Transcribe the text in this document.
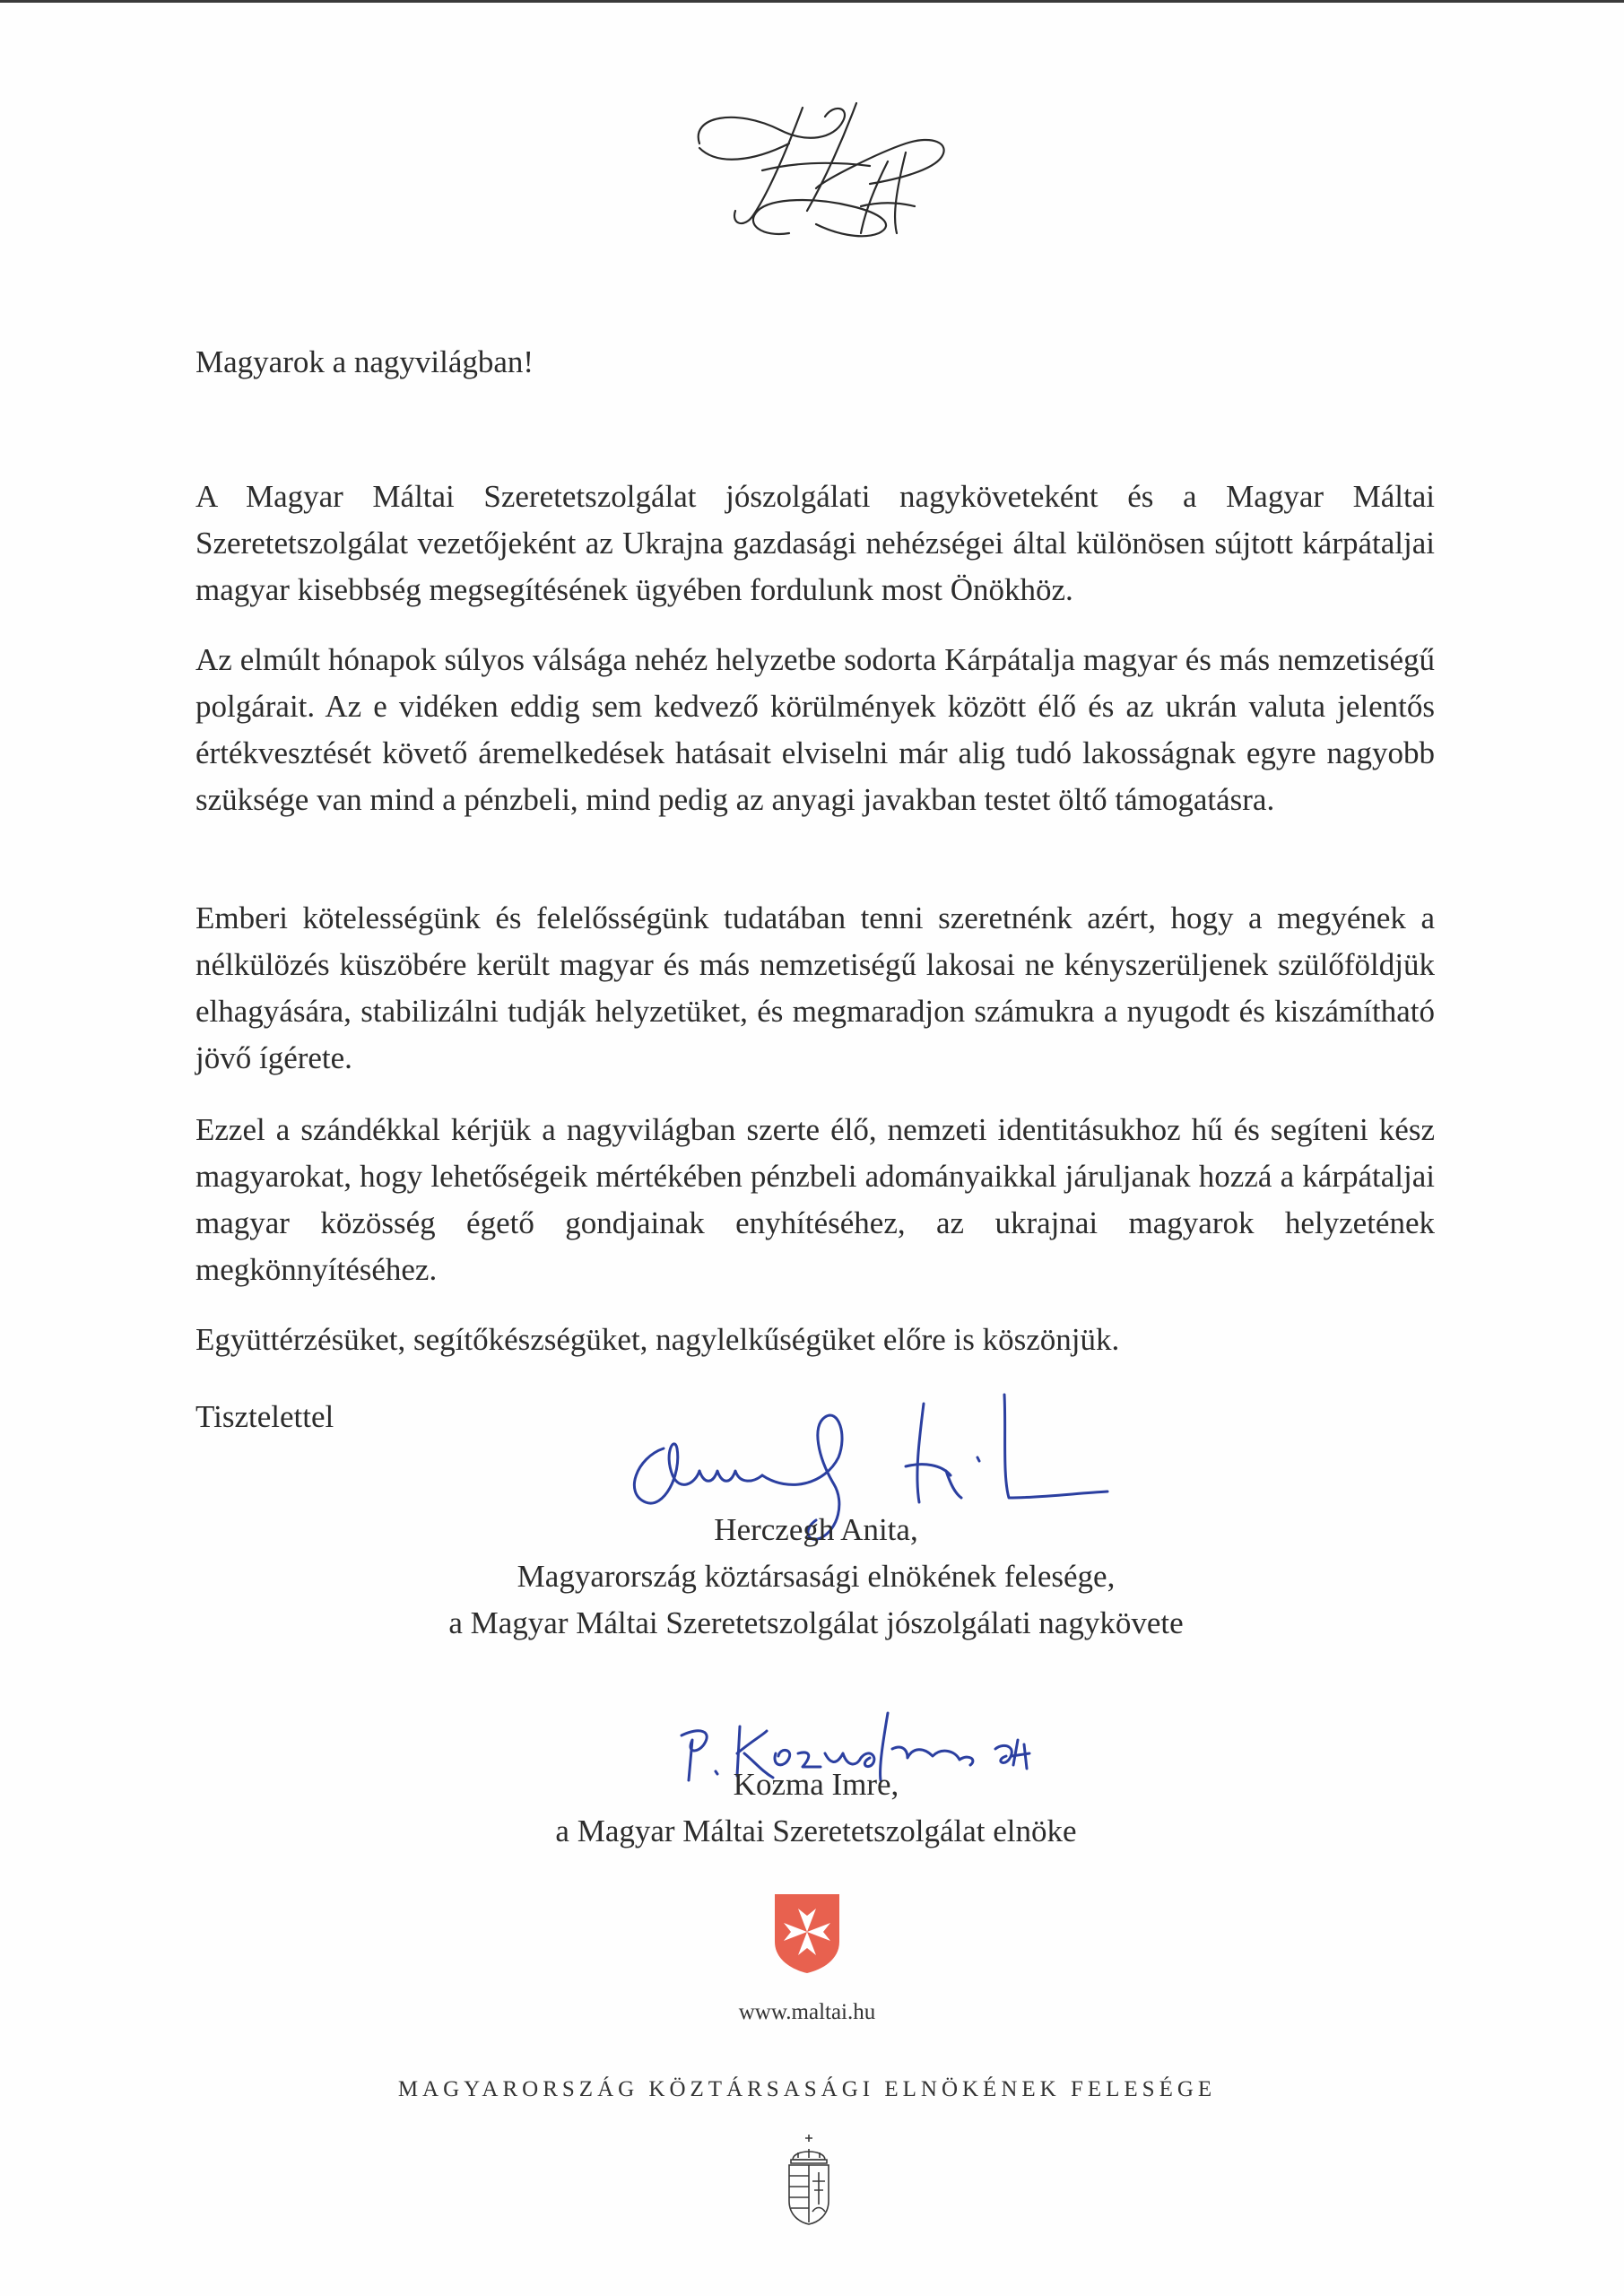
Magyarok a nagyvilágban!

A Magyar Máltai Szeretetszolgálat jószolgálati nagyköveteként és a Magyar Máltai Szeretetszolgálat vezetőjeként az Ukrajna gazdasági nehézségei által különösen sújtott kárpátaljai magyar kisebbség megsegítésének ügyében fordulunk most Önökhöz.

Az elmúlt hónapok súlyos válsága nehéz helyzetbe sodorta Kárpátalja magyar és más nemzetiségű polgárait. Az e vidéken eddig sem kedvező körülmények között élő és az ukrán valuta jelentős értékvesztését követő áremelkedések hatásait elviselni már alig tudó lakosságnak egyre nagyobb szüksége van mind a pénzbeli, mind pedig az anyagi javakban testet öltő támogatásra.

Emberi kötelességünk és felelősségünk tudatában tenni szeretnénk azért, hogy a megyének a nélkülözés küszöbére került magyar és más nemzetiségű lakosai ne kényszerüljenek szülőföldjük elhagyására, stabilizálni tudják helyzetüket, és megmaradjon számukra a nyugodt és kiszámítható jövő ígérete.

Ezzel a szándékkal kérjük a nagyvilágban szerte élő, nemzeti identitásukhoz hű és segíteni kész magyarokat, hogy lehetőségeik mértékében pénzbeli adományaikkal járuljanak hozzá a kárpátaljai magyar közösség égető gondjainak enyhítéséhez, az ukrajnai magyarok helyzetének megkönnyítéséhez.

Együttérzésüket, segítőkészségüket, nagylelkűségüket előre is köszönjük.

Tisztelettel
Herczegh Anita,
Magyarország köztársasági elnökének felesége,
a Magyar Máltai Szeretetszolgálat jószolgálati nagykövete
Kozma Imre,
a Magyar Máltai Szeretetszolgálat elnöke
www.maltai.hu
MAGYARORSZÁG KÖZTÁRSASÁGI ELNÖKÉNEK FELESÉGE
